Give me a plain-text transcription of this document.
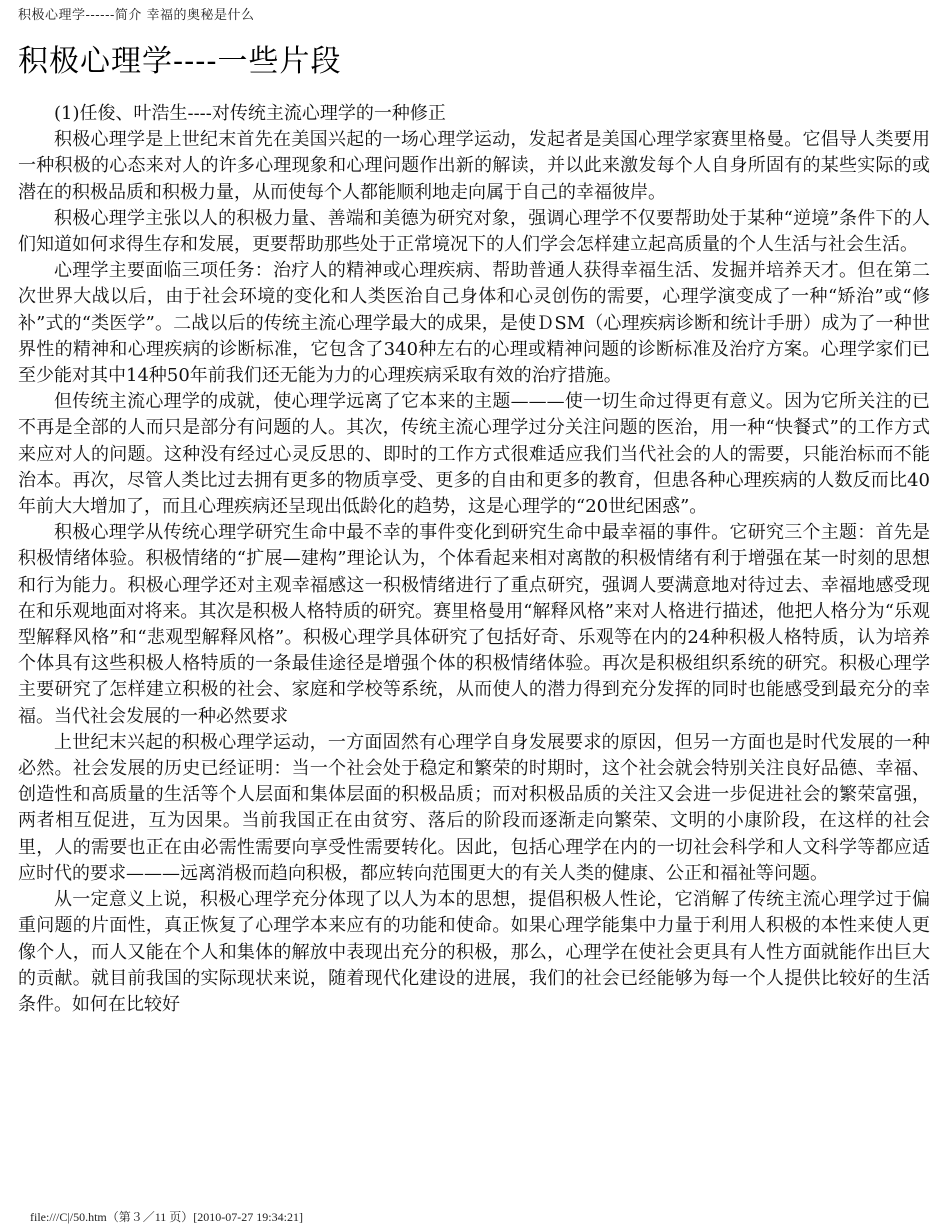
积极心理学------简介 幸福的奥秘是什么
积极心理学----一些片段

(1)任俊、叶浩生----对传统主流心理学的一种修正

积极心理学是上世纪末首先在美国兴起的一场心理学运动，发起者是美国心理学家赛里格曼。它倡导人类要用一种积极的心态来对人的许多心理现象和心理问题作出新的解读，并以此来激发每个人自身所固有的某些实际的或潜在的积极品质和积极力量，从而使每个人都能顺利地走向属于自己的幸福彼岸。

积极心理学主张以人的积极力量、善端和美德为研究对象，强调心理学不仅要帮助处于某种“逆境”条件下的人们知道如何求得生存和发展，更要帮助那些处于正常境况下的人们学会怎样建立起高质量的个人生活与社会生活。

心理学主要面临三项任务：治疗人的精神或心理疾病、帮助普通人获得幸福生活、发掘并培养天才。但在第二次世界大战以后，由于社会环境的变化和人类医治自己身体和心灵创伤的需要，心理学演变成了一种“矫治”或“修补”式的“类医学”。二战以后的传统主流心理学最大的成果，是使ＤSM（心理疾病诊断和统计手册）成为了一种世界性的精神和心理疾病的诊断标准，它包含了340种左右的心理或精神问题的诊断标准及治疗方案。心理学家们已至少能对其中14种50年前我们还无能为力的心理疾病采取有效的治疗措施。

但传统主流心理学的成就，使心理学远离了它本来的主题———使一切生命过得更有意义。因为它所关注的已不再是全部的人而只是部分有问题的人。其次，传统主流心理学过分关注问题的医治，用一种“快餐式”的工作方式来应对人的问题。这种没有经过心灵反思的、即时的工作方式很难适应我们当代社会的人的需要，只能治标而不能治本。再次，尽管人类比过去拥有更多的物质享受、更多的自由和更多的教育，但患各种心理疾病的人数反而比40年前大大增加了，而且心理疾病还呈现出低龄化的趋势，这是心理学的“20世纪困惑”。

积极心理学从传统心理学研究生命中最不幸的事件变化到研究生命中最幸福的事件。它研究三个主题：首先是积极情绪体验。积极情绪的“扩展—建构”理论认为，个体看起来相对离散的积极情绪有利于增强在某一时刻的思想和行为能力。积极心理学还对主观幸福感这一积极情绪进行了重点研究，强调人要满意地对待过去、幸福地感受现在和乐观地面对将来。其次是积极人格特质的研究。赛里格曼用“解释风格”来对人格进行描述，他把人格分为“乐观型解释风格”和“悲观型解释风格”。积极心理学具体研究了包括好奇、乐观等在内的24种积极人格特质，认为培养个体具有这些积极人格特质的一条最佳途径是增强个体的积极情绪体验。再次是积极组织系统的研究。积极心理学主要研究了怎样建立积极的社会、家庭和学校等系统，从而使人的潜力得到充分发挥的同时也能感受到最充分的幸福。当代社会发展的一种必然要求

上世纪末兴起的积极心理学运动，一方面固然有心理学自身发展要求的原因，但另一方面也是时代发展的一种必然。社会发展的历史已经证明：当一个社会处于稳定和繁荣的时期时，这个社会就会特别关注良好品德、幸福、创造性和高质量的生活等个人层面和集体层面的积极品质；而对积极品质的关注又会进一步促进社会的繁荣富强，两者相互促进，互为因果。当前我国正在由贫穷、落后的阶段而逐渐走向繁荣、文明的小康阶段，在这样的社会里，人的需要也正在由必需性需要向享受性需要转化。因此，包括心理学在内的一切社会科学和人文科学等都应适应时代的要求———远离消极而趋向积极，都应转向范围更大的有关人类的健康、公正和福祉等问题。

从一定意义上说，积极心理学充分体现了以人为本的思想，提倡积极人性论，它消解了传统主流心理学过于偏重问题的片面性，真正恢复了心理学本来应有的功能和使命。如果心理学能集中力量于利用人积极的本性来使人更像个人，而人又能在个人和集体的解放中表现出充分的积极，那么，心理学在使社会更具有人性方面就能作出巨大的贡献。就目前我国的实际现状来说，随着现代化建设的进展，我们的社会已经能够为每一个人提供比较好的生活条件。如何在比较好

file:///C|/50.htm（第３／11 页）[2010-07-27 19:34:21]
